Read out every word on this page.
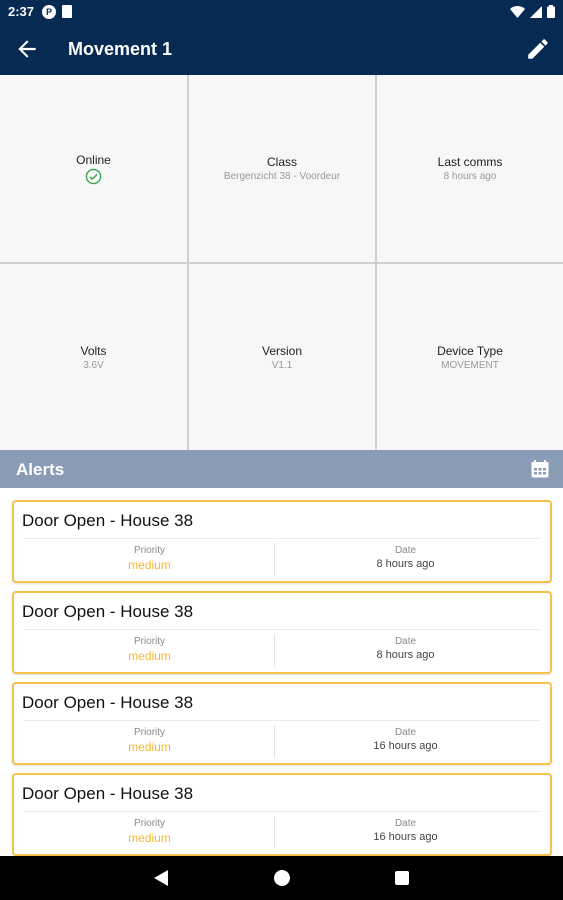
2:37	P
Movement 1
Online	Class
Bergenzicht 38 - Voordeur
Last comms
8 hours ago
Volts
3.6V
Version
V1.1
Device Type
MOVEMENT
Alerts
Door Open - House 38
Priority
medium
Date
8 hours ago
Door Open - House 38
Priority
medium
Date
8 hours ago
Door Open - House 38
Priority
medium
Date
16 hours ago
Door Open - House 38
Priority
medium
Date
16 hours ago
